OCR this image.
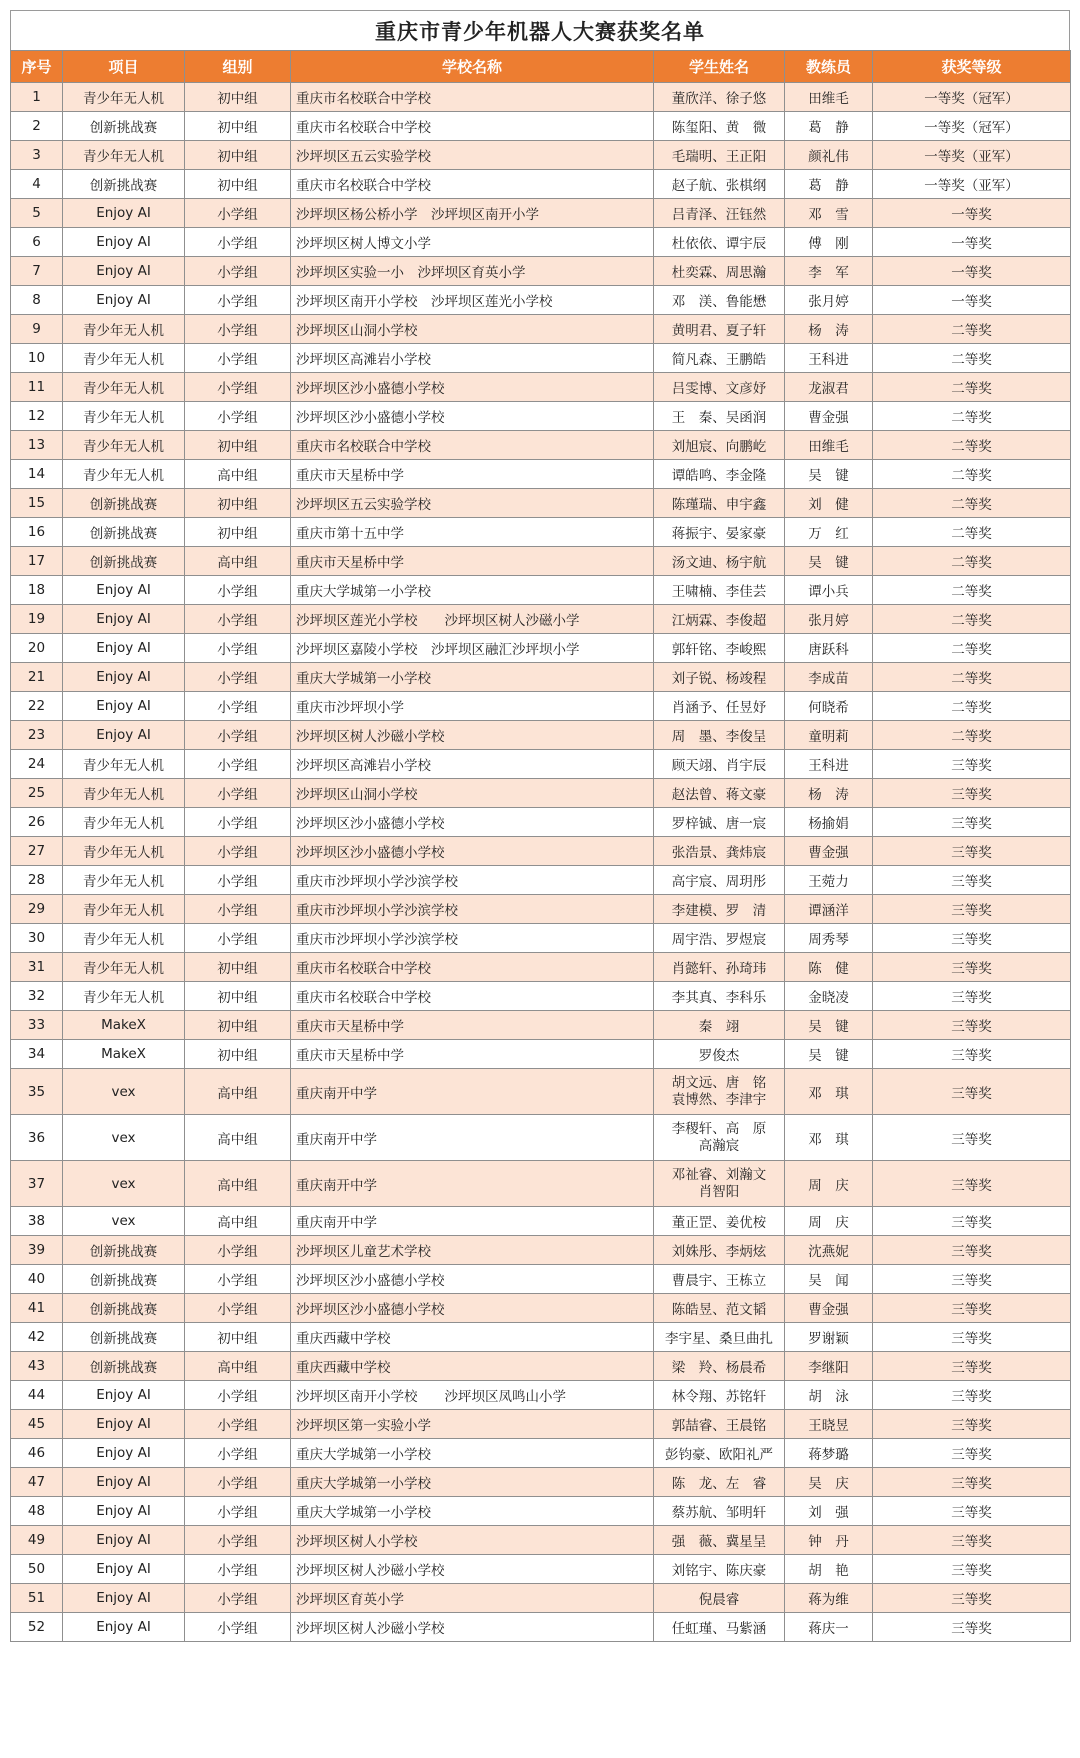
重庆市青少年机器人大赛获奖名单
序号	项目	组别	学校名称	学生姓名	教练员	获奖等级
1	青少年无人机	初中组	重庆市名校联合中学校	董欣洋、徐子悠	田维毛	一等奖（冠军）
2	创新挑战赛	初中组	重庆市名校联合中学校	陈玺阳、黄　微	葛　静	一等奖（冠军）
3	青少年无人机	初中组	沙坪坝区五云实验学校	毛瑞明、王正阳	颜礼伟	一等奖（亚军）
4	创新挑战赛	初中组	重庆市名校联合中学校	赵子航、张棋纲	葛　静	一等奖（亚军）
5	Enjoy AI	小学组	沙坪坝区杨公桥小学　沙坪坝区南开小学	吕青泽、汪钰然	邓　雪	一等奖
6	Enjoy AI	小学组	沙坪坝区树人博文小学	杜依依、谭宇辰	傅　刚	一等奖
7	Enjoy AI	小学组	沙坪坝区实验一小　沙坪坝区育英小学	杜奕霖、周思瀚	李　军	一等奖
8	Enjoy AI	小学组	沙坪坝区南开小学校　沙坪坝区莲光小学校	邓　渼、鲁能懋	张月婷	一等奖
9	青少年无人机	小学组	沙坪坝区山洞小学校	黄明君、夏子轩	杨　涛	二等奖
10	青少年无人机	小学组	沙坪坝区高滩岩小学校	简凡森、王鹏皓	王科进	二等奖
11	青少年无人机	小学组	沙坪坝区沙小盛德小学校	吕雯博、文彦妤	龙淑君	二等奖
12	青少年无人机	小学组	沙坪坝区沙小盛德小学校	王　秦、吴函润	曹金强	二等奖
13	青少年无人机	初中组	重庆市名校联合中学校	刘旭宸、向鹏屹	田维毛	二等奖
14	青少年无人机	高中组	重庆市天星桥中学	谭皓鸣、李金隆	吴　键	二等奖
15	创新挑战赛	初中组	沙坪坝区五云实验学校	陈瑾瑞、申宇鑫	刘　健	二等奖
16	创新挑战赛	初中组	重庆市第十五中学	蒋振宇、晏家豪	万　红	二等奖
17	创新挑战赛	高中组	重庆市天星桥中学	汤文迪、杨宇航	吴　键	二等奖
18	Enjoy AI	小学组	重庆大学城第一小学校	王啸楠、李佳芸	谭小兵	二等奖
19	Enjoy AI	小学组	沙坪坝区莲光小学校　　沙坪坝区树人沙磁小学	江炳霖、李俊超	张月婷	二等奖
20	Enjoy AI	小学组	沙坪坝区嘉陵小学校　沙坪坝区融汇沙坪坝小学	郭轩铭、李峻熙	唐跃科	二等奖
21	Enjoy AI	小学组	重庆大学城第一小学校	刘子锐、杨竣程	李成苗	二等奖
22	Enjoy AI	小学组	重庆市沙坪坝小学	肖涵予、任昱妤	何晓希	二等奖
23	Enjoy AI	小学组	沙坪坝区树人沙磁小学校	周　墨、李俊呈	童明莉	二等奖
24	青少年无人机	小学组	沙坪坝区高滩岩小学校	顾天翊、肖宇辰	王科进	三等奖
25	青少年无人机	小学组	沙坪坝区山洞小学校	赵法曾、蒋文豪	杨　涛	三等奖
26	青少年无人机	小学组	沙坪坝区沙小盛德小学校	罗梓铖、唐一宸	杨揄娟	三等奖
27	青少年无人机	小学组	沙坪坝区沙小盛德小学校	张浩景、龚炜宸	曹金强	三等奖
28	青少年无人机	小学组	重庆市沙坪坝小学沙滨学校	高宇宸、周玥彤	王菀力	三等奖
29	青少年无人机	小学组	重庆市沙坪坝小学沙滨学校	李建模、罗　清	谭涵洋	三等奖
30	青少年无人机	小学组	重庆市沙坪坝小学沙滨学校	周宇浩、罗煜宸	周秀琴	三等奖
31	青少年无人机	初中组	重庆市名校联合中学校	肖懿轩、孙琦玮	陈　健	三等奖
32	青少年无人机	初中组	重庆市名校联合中学校	李其真、李科乐	金晓凌	三等奖
33	MakeX	初中组	重庆市天星桥中学	秦　翊	吴　键	三等奖
34	MakeX	初中组	重庆市天星桥中学	罗俊杰	吴　键	三等奖
35	vex	高中组	重庆南开中学	胡文远、唐　铭
袁博然、李津宇	邓　琪	三等奖
36	vex	高中组	重庆南开中学	李稷轩、高　原
高瀚宸	邓　琪	三等奖
37	vex	高中组	重庆南开中学	邓祉睿、刘瀚文
肖智阳	周　庆	三等奖
38	vex	高中组	重庆南开中学	董正罡、姜优桉	周　庆	三等奖
39	创新挑战赛	小学组	沙坪坝区儿童艺术学校	刘姝彤、李炳炫	沈燕妮	三等奖
40	创新挑战赛	小学组	沙坪坝区沙小盛德小学校	曹晨宇、王栋立	吴　闻	三等奖
41	创新挑战赛	小学组	沙坪坝区沙小盛德小学校	陈皓昱、范文韬	曹金强	三等奖
42	创新挑战赛	初中组	重庆西藏中学校	李宇星、桑旦曲扎	罗谢颖	三等奖
43	创新挑战赛	高中组	重庆西藏中学校	梁　羚、杨晨希	李继阳	三等奖
44	Enjoy AI	小学组	沙坪坝区南开小学校　　沙坪坝区凤鸣山小学	林令翔、苏铭轩	胡　泳	三等奖
45	Enjoy AI	小学组	沙坪坝区第一实验小学	郭喆睿、王晨铭	王晓昱	三等奖
46	Enjoy AI	小学组	重庆大学城第一小学校	彭钧豪、欧阳礼严	蒋梦璐	三等奖
47	Enjoy AI	小学组	重庆大学城第一小学校	陈　龙、左　睿	吴　庆	三等奖
48	Enjoy AI	小学组	重庆大学城第一小学校	蔡苏航、邹明轩	刘　强	三等奖
49	Enjoy AI	小学组	沙坪坝区树人小学校	强　薇、冀星呈	钟　丹	三等奖
50	Enjoy AI	小学组	沙坪坝区树人沙磁小学校	刘铭宇、陈庆豪	胡　艳	三等奖
51	Enjoy AI	小学组	沙坪坝区育英小学	倪晨睿	蒋为维	三等奖
52	Enjoy AI	小学组	沙坪坝区树人沙磁小学校	任虹瑾、马紫涵	蒋庆一	三等奖
